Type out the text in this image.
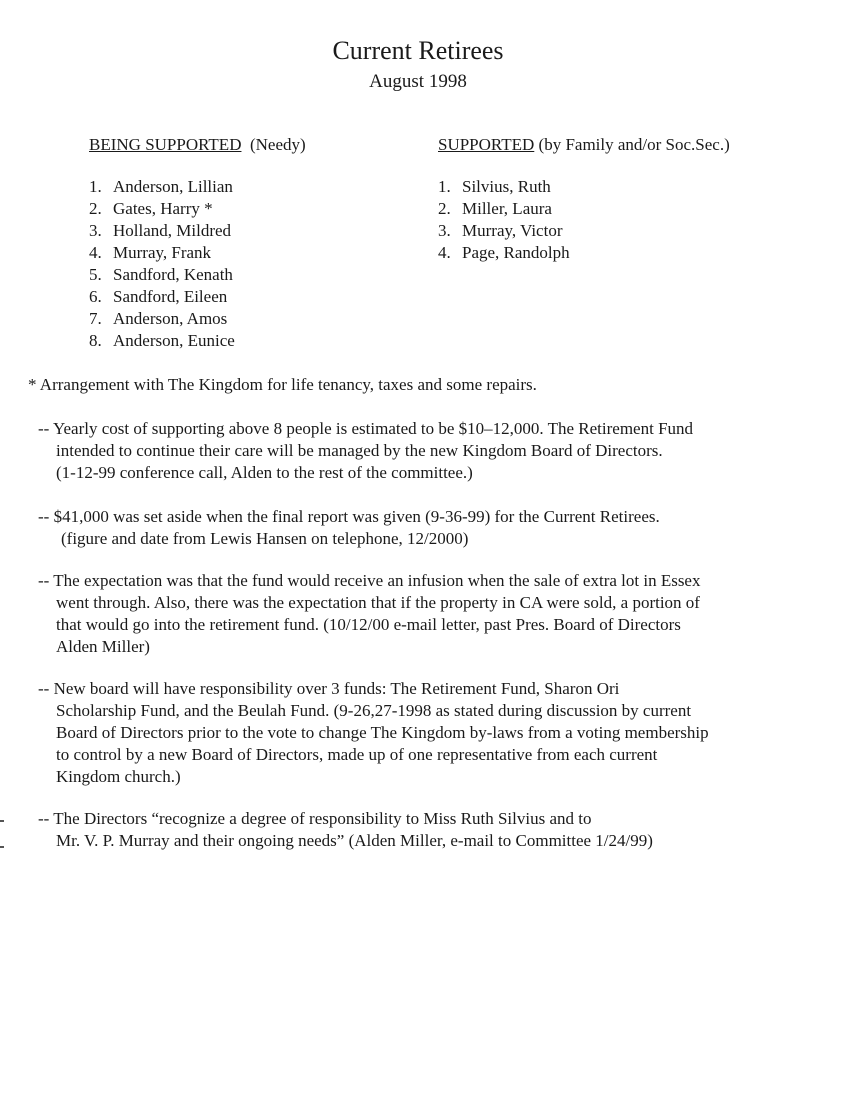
Current Retirees
August 1998
BEING SUPPORTED (Needy)	SUPPORTED (by Family and/or Soc.Sec.)
1. Anderson, Lillian
2. Gates, Harry *
3. Holland, Mildred
4. Murray, Frank
5. Sandford, Kenath
6. Sandford, Eileen
7. Anderson, Amos
8. Anderson, Eunice
1. Silvius, Ruth
2. Miller, Laura
3. Murray, Victor
4. Page, Randolph

* Arrangement with The Kingdom for life tenancy, taxes and some repairs.

-- Yearly cost of supporting above 8 people is estimated to be $10–12,000. The Retirement Fund
intended to continue their care will be managed by the new Kingdom Board of Directors.
(1-12-99 conference call, Alden to the rest of the committee.)

-- $41,000 was set aside when the final report was given (9-36-99) for the Current Retirees.
(figure and date from Lewis Hansen on telephone, 12/2000)

-- The expectation was that the fund would receive an infusion when the sale of extra lot in Essex
went through. Also, there was the expectation that if the property in CA were sold, a portion of
that would go into the retirement fund. (10/12/00 e-mail letter, past Pres. Board of Directors
Alden Miller)

-- New board will have responsibility over 3 funds: The Retirement Fund, Sharon Ori
Scholarship Fund, and the Beulah Fund. (9-26,27-1998 as stated during discussion by current
Board of Directors prior to the vote to change The Kingdom by-laws from a voting membership
to control by a new Board of Directors, made up of one representative from each current
Kingdom church.)

-- The Directors “recognize a degree of responsibility to Miss Ruth Silvius and to
Mr. V. P. Murray and their ongoing needs” (Alden Miller, e-mail to Committee 1/24/99)
